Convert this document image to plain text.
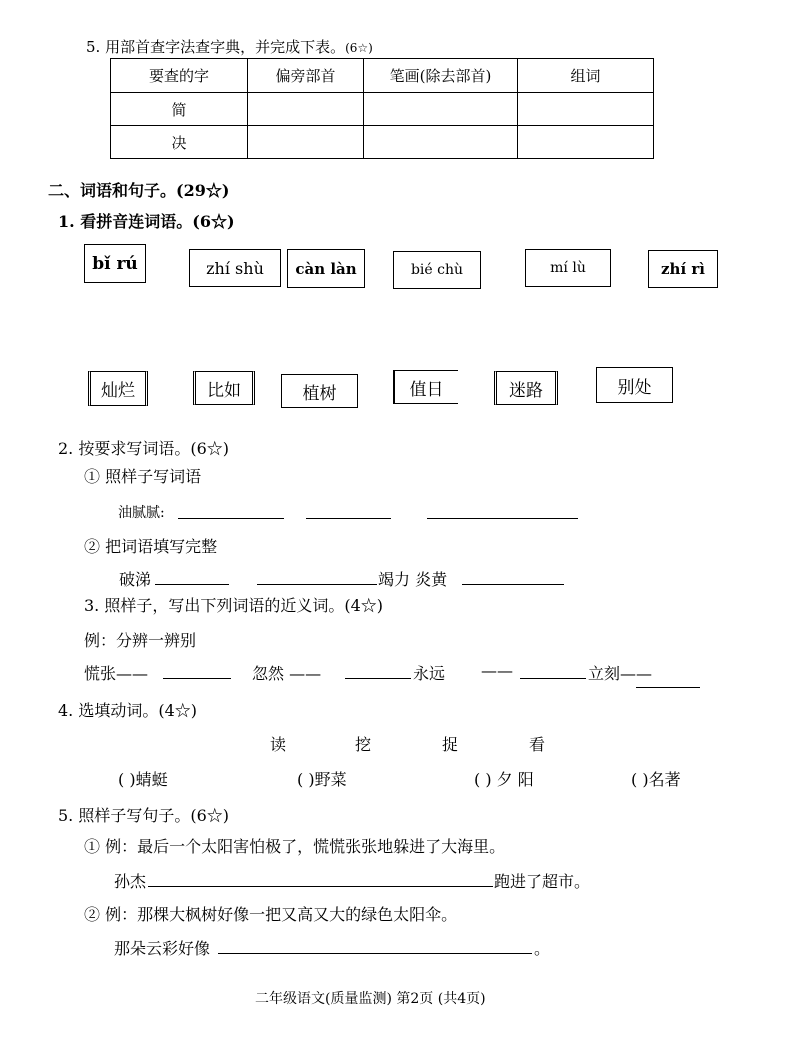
5. 用部首查字法查字典，并完成下表。(6☆)
要查的字	偏旁部首	笔画(除去部首)	组词
简			
决			
二、词语和句子。(29☆)
1. 看拼音连词语。(6☆)
bǐ rú	zhí shù	càn làn	bié chù	mí lù	zhí rì
灿烂	比如	植树	值日	迷路	别处
2. 按要求写词语。(6☆)
① 照样子写词语
油腻腻:
② 把词语填写完整
破涕	竭力 炎黄
3. 照样子，写出下列词语的近义词。(4☆)
例：分辨一辨别
慌张——	忽然 ——	永远 ——	立刻——
4. 选填动词。(4☆)
读	挖	捉	看
( )蜻蜓	( )野菜	( ) 夕 阳	( )名著
5. 照样子写句子。(6☆)
① 例：最后一个太阳害怕极了，慌慌张张地躲进了大海里。
孙杰	跑进了超市。
② 例：那棵大枫树好像一把又高又大的绿色太阳伞。
那朵云彩好像	。
二年级语文(质量监测) 第2页 (共4页)
